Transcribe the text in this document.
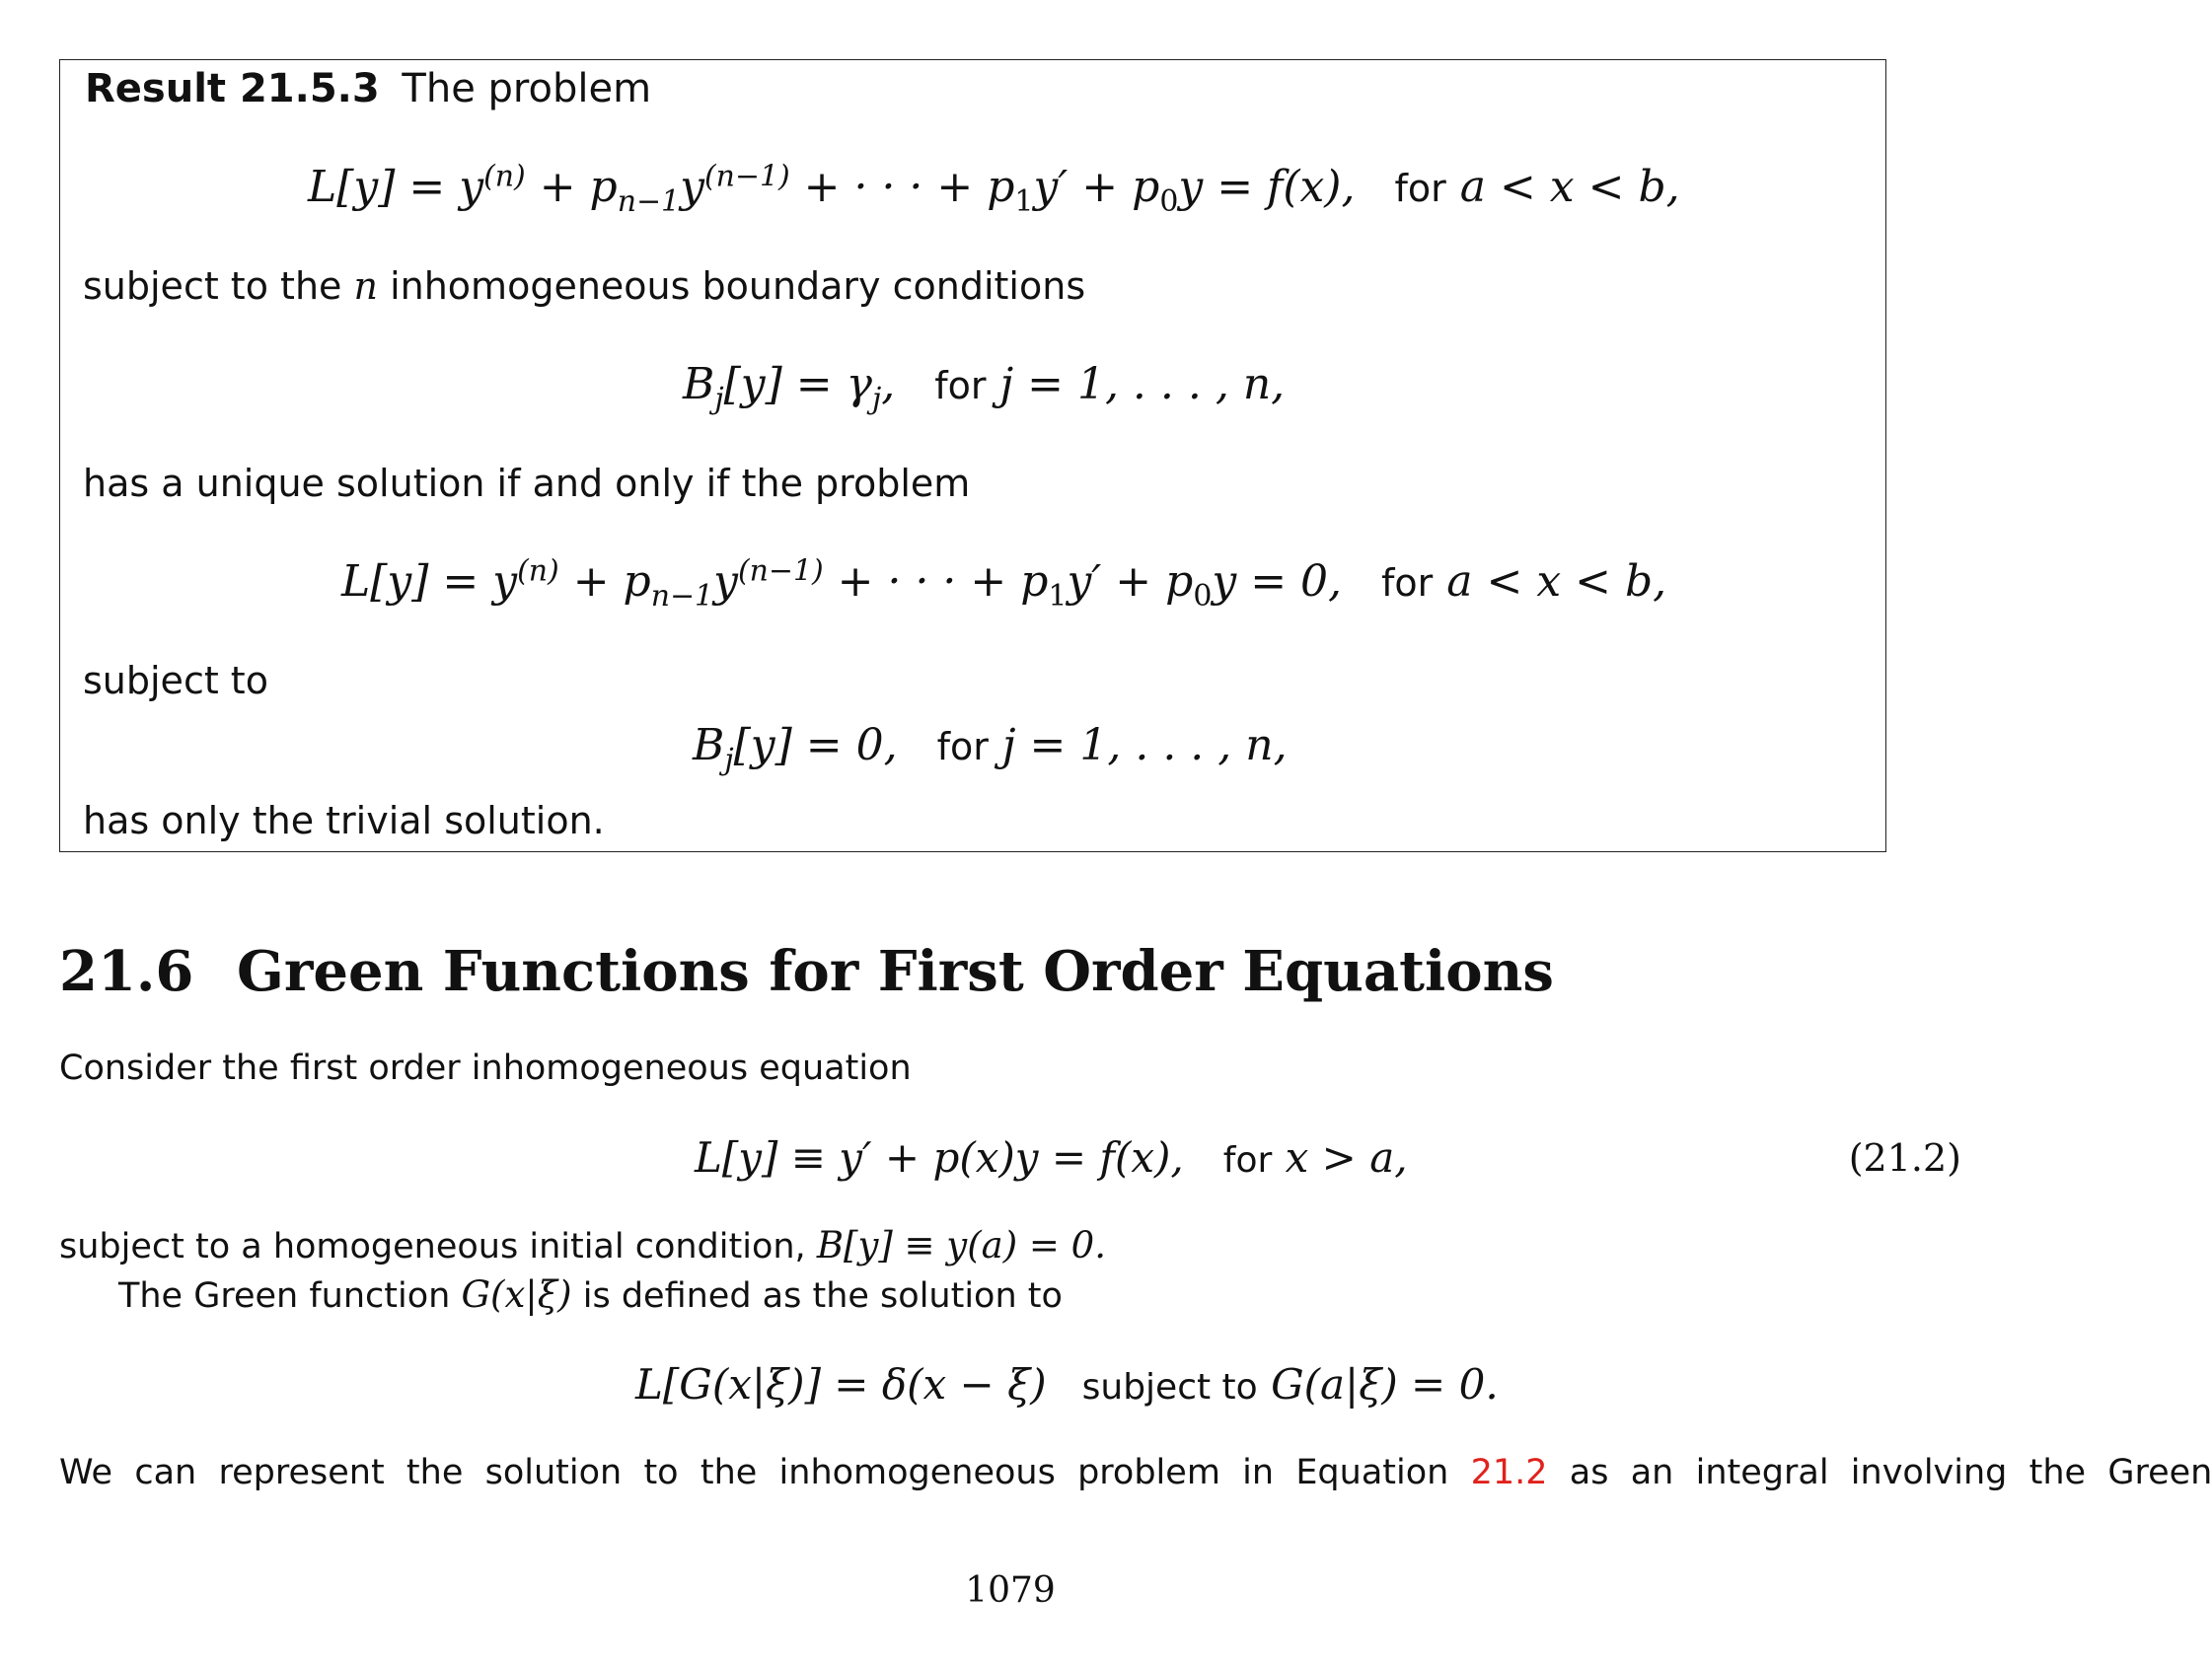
Result 21.5.3 The problem
$L[y] = y^{(n)} + p_{n-1}y^{(n-1)}$ + · · · + $p_1y' + p_0y = f(x)$, for a < x < b,
subject to the n inhomogeneous boundary conditions
$B_j[y] = \gamma_j$, for j = 1, . . . , n,
has a unique solution if and only if the problem
$L[y] = y^{(n)} + p_{n-1}y^{(n-1)}$ + · · · + $p_1y' + p_0y = 0$, for a < x < b,
subject to
$B_j[y] = 0$, for j = 1, . . . , n,
has only the trivial solution.
21.6 Green Functions for First Order Equations
Consider the first order inhomogeneous equation
L[y] ≡ y′ + p(x)y = f(x), for x > a,	(21.2)
subject to a homogeneous initial condition, B[y] ≡ y(a) = 0.
The Green function G(x|ξ) is defined as the solution to
L[G(x|ξ)] = δ(x − ξ) subject to G(a|ξ) = 0.
We  can  represent  the  solution  to  the  inhomogeneous  problem  in  Equation 21.2 as  an  integral  involving  the  Green
1079
